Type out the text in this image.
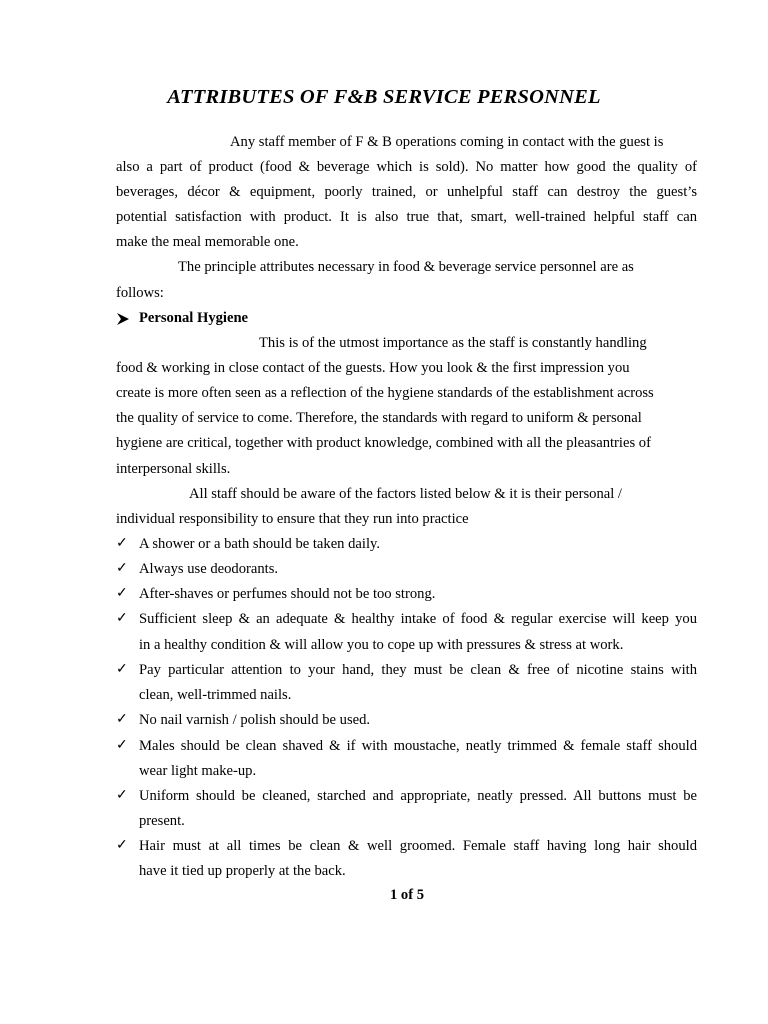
ATTRIBUTES OF F&B SERVICE PERSONNEL
Any staff member of F & B operations coming in contact with the guest is
also a part of product (food & beverage which is sold). No matter how good the quality of
beverages, décor & equipment, poorly trained, or unhelpful staff can destroy the guest’s
potential satisfaction with product. It is also true that, smart, well-trained helpful staff can
make the meal memorable one.
The principle attributes necessary in food & beverage service personnel are as
follows:
Personal Hygiene
This is of the utmost importance as the staff is constantly handling
food & working in close contact of the guests. How you look & the first impression you
create is more often seen as a reflection of the hygiene standards of the establishment across
the quality of service to come. Therefore, the standards with regard to uniform & personal
hygiene are critical, together with product knowledge, combined with all the pleasantries of
interpersonal skills.
All staff should be aware of the factors listed below & it is their personal /
individual responsibility to ensure that they run into practice
✓ A shower or a bath should be taken daily.
✓ Always use deodorants.
✓ After-shaves or perfumes should not be too strong.
✓ Sufficient sleep & an adequate & healthy intake of food & regular exercise will keep you
in a healthy condition & will allow you to cope up with pressures & stress at work.
✓ Pay particular attention to your hand, they must be clean & free of nicotine stains with
clean, well-trimmed nails.
✓ No nail varnish / polish should be used.
✓ Males should be clean shaved & if with moustache, neatly trimmed & female staff should
wear light make-up.
✓ Uniform should be cleaned, starched and appropriate, neatly pressed. All buttons must be
present.
✓ Hair must at all times be clean & well groomed. Female staff having long hair should
have it tied up properly at the back.
1 of 5
